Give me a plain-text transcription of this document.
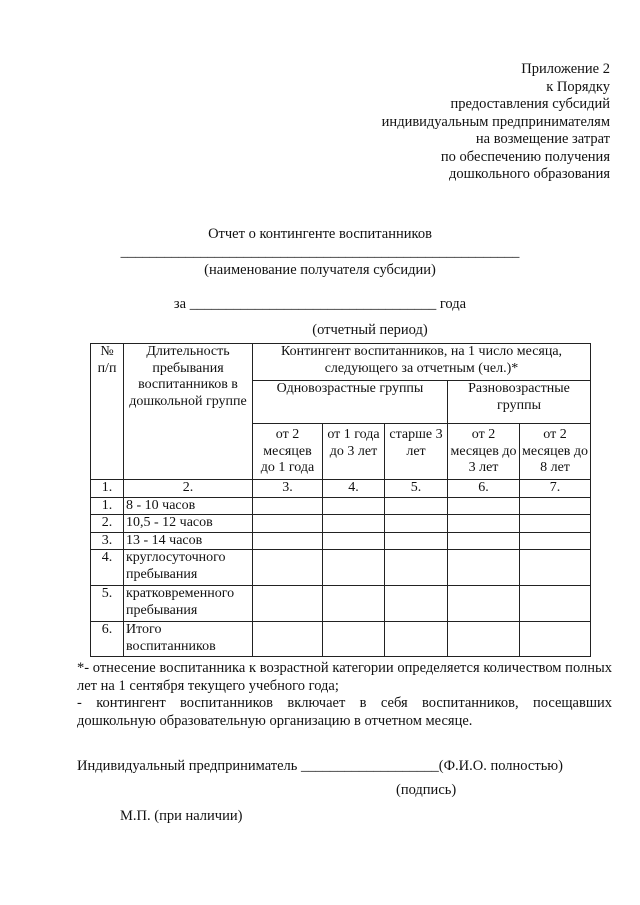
Приложение 2
к Порядку
предоставления субсидий
индивидуальным предпринимателям
на возмещение затрат
по обеспечению получения
дошкольного образования
Отчет о контингенте воспитанников
_______________________________________________________
(наименование получателя субсидии)
за __________________________________ года
(отчетный период)
№ п/п	Длительность пребывания воспитанников в дошкольной группе	Контингент воспитанников, на 1 число месяца, следующего за отчетным (чел.)*				
		Одновозрастные группы			Разновозрастные группы	
		от 2 месяцев до 1 года	от 1 года до 3 лет	старше 3 лет	от 2 месяцев до 3 лет	от 2 месяцев до 8 лет
1.	2.	3.	4.	5.	6.	7.
1.	8 - 10 часов					
2.	10,5 - 12 часов					
3.	13 - 14 часов					
4.	круглосуточного пребывания					
5.	кратковременного пребывания					
6.	Итого воспитанников					
*- отнесение воспитанника к возрастной категории определяется количеством полных лет на 1 сентября текущего учебного года;
- контингент воспитанников включает в себя воспитанников, посещавших дошкольную образовательную организацию в отчетном месяце.
Индивидуальный предприниматель ___________________(Ф.И.О. полностью)
(подпись)
М.П. (при наличии)
